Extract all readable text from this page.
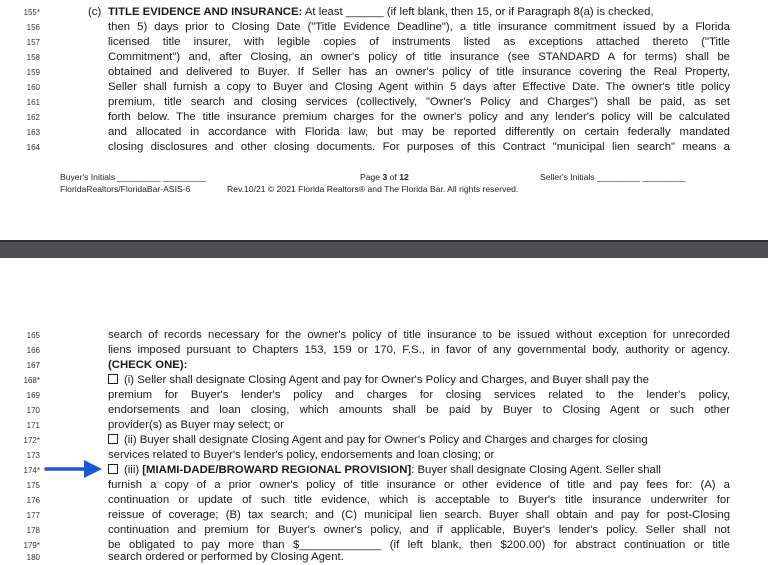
155*	(c) TITLE EVIDENCE AND INSURANCE: At least ______ (if left blank, then 15, or if Paragraph 8(a) is checked,
156	then 5) days prior to Closing Date ("Title Evidence Deadline"), a title insurance commitment issued by a Florida
157	licensed title insurer, with legible copies of instruments listed as exceptions attached thereto ("Title
158	Commitment") and, after Closing, an owner's policy of title insurance (see STANDARD A for terms) shall be
159	obtained and delivered to Buyer. If Seller has an owner's policy of title insurance covering the Real Property,
160	Seller shall furnish a copy to Buyer and Closing Agent within 5 days after Effective Date. The owner's title policy
161	premium, title search and closing services (collectively, "Owner's Policy and Charges") shall be paid, as set
162	forth below. The title insurance premium charges for the owner's policy and any lender's policy will be calculated
163	and allocated in accordance with Florida law, but may be reported differently on certain federally mandated
164	closing disclosures and other closing documents. For purposes of this Contract "municipal lien search" means a
Buyer's Initials _________ _________	Page 3 of 12	Seller's Initials _________ _________
FloridaRealtors/FloridaBar-ASIS-6	Rev.10/21 © 2021 Florida Realtors® and The Florida Bar. All rights reserved.
165	search of records necessary for the owner's policy of title insurance to be issued without exception for unrecorded
166	liens imposed pursuant to Chapters 153, 159 or 170, F.S., in favor of any governmental body, authority or agency.
167	(CHECK ONE):
168*	(i) Seller shall designate Closing Agent and pay for Owner's Policy and Charges, and Buyer shall pay the
169	premium for Buyer's lender's policy and charges for closing services related to the lender's policy,
170	endorsements and loan closing, which amounts shall be paid by Buyer to Closing Agent or such other
171	provider(s) as Buyer may select; or
172*	(ii) Buyer shall designate Closing Agent and pay for Owner's Policy and Charges and charges for closing
173	services related to Buyer's lender's policy, endorsements and loan closing; or
174*	(iii) [MIAMI-DADE/BROWARD REGIONAL PROVISION]: Buyer shall designate Closing Agent. Seller shall
175	furnish a copy of a prior owner's policy of title insurance or other evidence of title and pay fees for: (A) a
176	continuation or update of such title evidence, which is acceptable to Buyer's title insurance underwriter for
177	reissue of coverage; (B) tax search; and (C) municipal lien search. Buyer shall obtain and pay for post-Closing
178	continuation and premium for Buyer's owner's policy, and if applicable, Buyer's lender's policy. Seller shall not
179*	be obligated to pay more than $_____________ (if left blank, then $200.00) for abstract continuation or title
180	search ordered or performed by Closing Agent.
